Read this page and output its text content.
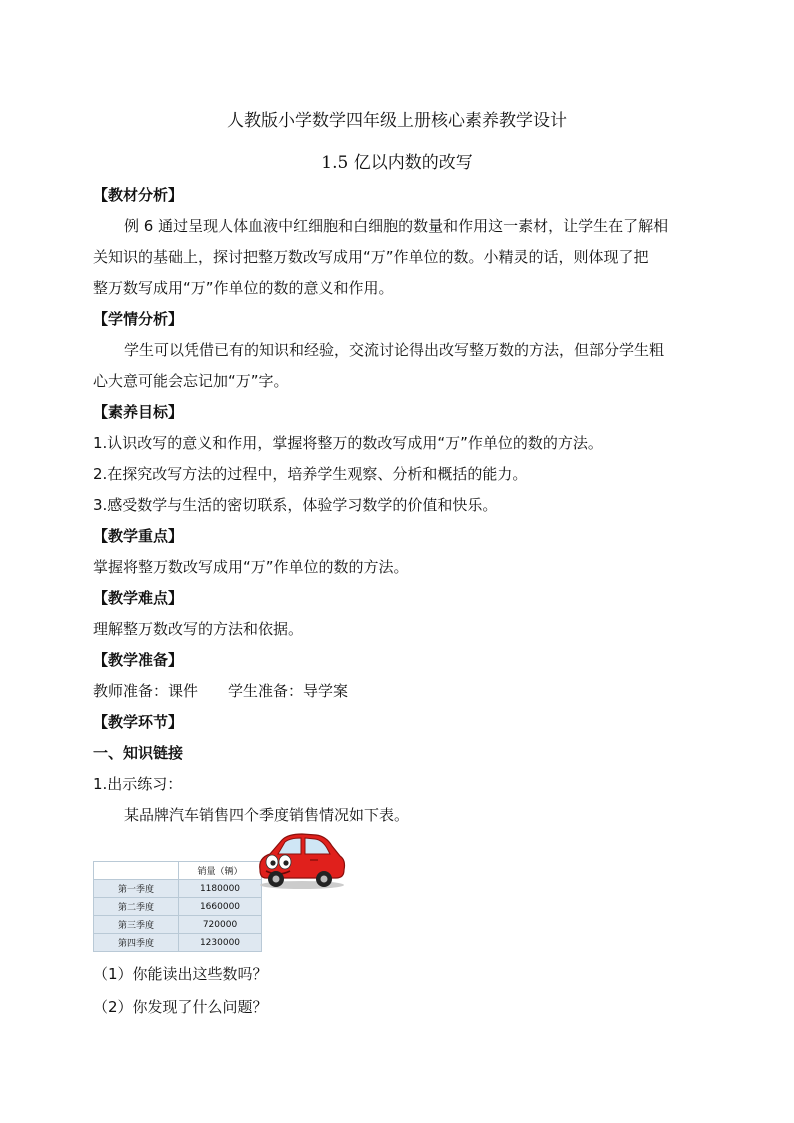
人教版小学数学四年级上册核心素养教学设计
1.5 亿以内数的改写
【教材分析】
例 6 通过呈现人体血液中红细胞和白细胞的数量和作用这一素材，让学生在了解相
关知识的基础上，探讨把整万数改写成用“万”作单位的数。小精灵的话，则体现了把
整万数写成用“万”作单位的数的意义和作用。
【学情分析】
学生可以凭借已有的知识和经验，交流讨论得出改写整万数的方法，但部分学生粗
心大意可能会忘记加“万”字。
【素养目标】
1.认识改写的意义和作用，掌握将整万的数改写成用“万”作单位的数的方法。
2.在探究改写方法的过程中，培养学生观察、分析和概括的能力。
3.感受数学与生活的密切联系，体验学习数学的价值和快乐。
【教学重点】
掌握将整万数改写成用“万”作单位的数的方法。
【教学难点】
理解整万数改写的方法和依据。
【教学准备】
教师准备：课件 学生准备：导学案
【教学环节】
一、知识链接
1.出示练习：
某品牌汽车销售四个季度销售情况如下表。
	销量（辆）
第一季度	1180000
第二季度	1660000
第三季度	720000
第四季度	1230000
（1）你能读出这些数吗？
（2）你发现了什么问题？
